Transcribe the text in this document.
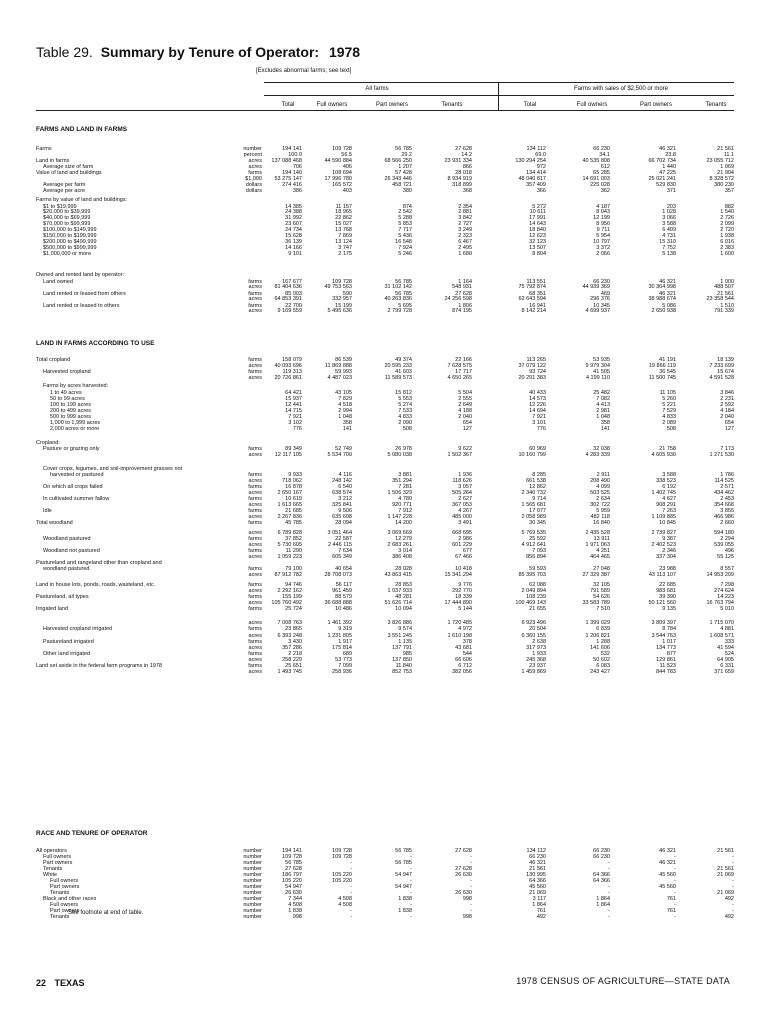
Table 29. Summary by Tenure of Operator: 1978
[Excludes abnormal farms; see text]
All farms	Farms with sales of $2,500 or more
Total	Full owners	Part owners	Tenants	Total	Full owners	Part owners	Tenants
FARMS AND LAND IN FARMS
Farms	number	194 141	109 728	56 785	27 628	134 112	66 230	46 321	21 561
percent	100.0	56.5	29.2	14.2	69.0	34.1	23.8	11.1
Land in farms	acres 137 088 468	44 590 884	68 566 250	23 931 334	130 294 254	40 535 808	66 702 734	23 055 712
Average size of farm	acres	706	406	1 207	866	972	612	1 440	1 069
Value of land and buildings	farms	194 140	108 694	57 428	28 018	134 414	65 285	47 225	21 904
$1,000 53 275 147	17 996 780	26 343 446	8 934 919	48 040 817	14 691 003	25 021 241	8 328 572
Average per farm	dollars	274 416	165 572	458 721	318 899	357 409	225 028	529 830	380 230
Average per acre	dollars	386	403	380	368	366	362	371	357
Farms by value of land and buildings:
$1 to $19,999	14 385	11 157	874	2 354	5 272	4 187	203	882
$20,000 to $39,999	24 388	18 965	2 542	2 881	10 611	8 043	1 028	1 540
$40,000 to $69,999	31 992	22 862	5 288	3 842	17 991	12 199	3 066	2 726
$70,000 to $99,999	23 607	15 027	5 853	2 727	14 643	8 956	3 588	2 099
$100,000 to $149,999	24 734	13 768	7 717	3 249	18 840	9 711	6 409	2 720
$150,000 to $199,999	15 628	7 869	5 436	2 323	12 623	5 954	4 731	1 938
$200,000 to $499,999	36 139	13 124	16 548	6 467	32 123	10 797	15 310	6 016
$500,000 to $999,999	14 166	3 747	7 924	2 495	13 507	3 372	7 752	2 383
$1,000,000 or more	9 101	2 175	5 246	1 680	8 804	2 066	5 138	1 600
Owned and rented land by operator:
Land owned	farms	167 677	109 728	56 785	1 164	113 551	66 230	46 321	1 000
acres 81 404 636	49 753 563	31 102 142	548 931	75 792 874	44 939 369	30 364 998	488 507
Land rented or leased from others	farms	85 003	590	56 785	27 628	68 351	469	46 321	21 561
acres 64 853 391	332 957	40 263 836	24 256 598	62 643 594	296 376	38 988 674	23 358 544
Land rented or leased to others	farms	22 700	15 199	5 695	1 806	16 941	10 345	5 086	1 510
acres	9 169 559	5 495 636	2 799 728	874 195	8 142 214	4 699 937	2 650 938	791 339
LAND IN FARMS ACCORDING TO USE
Total cropland	farms	158 079	86 539	49 374	22 166	113 265	53 935	41 191	18 139
acres 40 093 696	11 869 888	20 595 233	7 628 575	37 079 122	9 979 304	19 866 119	7 233 699
Harvested cropland	farms	119 313	59 993	41 603	17 717	93 724	41 505	36 545	15 674
acres 20 726 861	4 487 023	11 589 573	4 650 265	20 291 383	4 199 110	11 500 745	4 591 528
Farms by acres harvested:
1 to 49 acres	64 421	43 105	15 812	5 504	40 433	25 482	11 105	3 846
50 to 99 acres	15 937	7 829	5 553	2 555	14 573	7 082	5 260	2 231
100 to 199 acres	12 441	4 518	5 274	2 649	12 226	4 413	5 221	2 592
200 to 499 acres	14 715	2 994	7 533	4 188	14 694	2 981	7 529	4 184
500 to 999 acres	7 921	1 048	4 833	2 040	7 921	1 048	4 833	2 040
1,000 to 1,999 acres	3 102	358	2 090	654	3 101	358	2 089	654
2,000 acres or more	776	141	508	127	776	141	508	127
Cropland:
Pasture or grazing only	farms	89 349	52 749	26 978	9 622	60 969	32 038	21 758	7 173
acres 12 117 105	5 534 700	5 080 038	1 502 367	10 160 799	4 283 339	4 605 930	1 271 530
Cover crops, legumes, and soil-improvement grasses not
harvested or pastured	farms	9 933	4 116	3 881	1 936	8 285	2 911	3 588	1 786
acres	718 062	248 142	351 294	118 626	661 538	208 490	338 523	114 525
On which all crops failed	farms	16 878	6 540	7 281	3 057	12 862	4 099	6 192	2 571
acres	2 650 167	638 574	1 506 329	505 264	2 340 732	503 525	1 402 745	434 462
In cultivated summer fallow	farms	10 619	3 212	4 780	2 627	9 714	2 634	4 627	2 453
acres	1 613 665	325 841	920 771	367 053	1 565 681	302 722	908 291	354 668
Idle	farms	21 685	9 506	7 912	4 267	17 077	5 959	7 263	3 855
acres	2 267 836	635 608	1 147 228	485 000	2 058 989	482 118	1 109 885	466 986
Total woodland	farms	45 785	28 094	14 200	3 491	30 345	16 840	10 845	2 660
acres	6 789 828	3 051 464	3 069 669	668 695	5 769 535	2 435 528	2 739 827	594 180
Woodland pastured	farms	37 852	22 587	12 279	2 986	25 592	13 911	9 387	2 294
acres	5 730 605	2 446 115	2 683 261	601 229	4 912 641	1 971 063	2 402 523	539 055
Woodland not pastured	farms	11 290	7 634	3 014	677	7 093	4 251	2 346	496
acres	1 059 223	605 349	386 408	67 466	856 894	464 465	337 304	55 125
Pastureland and rangeland other than cropland and
woodland pastured	farms	79 100	40 654	28 028	10 418	59 593	27 048	23 988	8 557
acres 87 912 782	28 708 073	43 863 415	15 341 294	85 395 703	27 329 387	43 113 107	14 953 209
Land in house lots, ponds, roads, wasteland, etc.	farms	94 746	56 117	28 853	9 776	62 088	32 105	22 685	7 298
acres	2 292 162	961 459	1 037 933	292 770	2 049 894	791 589	983 681	274 624
Pastureland, all types	farms	155 199	88 579	48 281	18 339	108 239	54 626	39 390	14 223
acres 105 760 492	36 688 888	51 626 714	17 444 890	100 469 143	33 583 789	50 121 560	16 763 794
Irrigated land	farms	25 724	10 486	10 094	5 144	21 655	7 510	9 135	5 010
acres	7 008 763	1 461 392	3 826 886	1 720 485	6 923 496	1 399 029	3 809 397	1 715 070
Harvested cropland irrigated	farms	23 865	9 319	9 574	4 972	20 504	6 839	8 784	4 881
acres	6 393 248	1 231 805	3 551 245	1 610 198	6 360 155	1 206 821	3 544 763	1 608 571
Pastureland irrigated	farms	3 430	1 917	1 135	378	2 638	1 288	1 017	333
acres	357 286	175 814	137 791	43 681	317 973	141 606	134 773	41 594
Other land irrigated	farms	2 218	689	985	544	1 933	532	877	524
acres	258 229	53 773	137 850	66 606	245 368	50 602	129 861	64 905
Land set aside in the federal farm programs in 1978	farms	25 651	7 099	11 840	6 712	23 937	6 083	11 523	6 331
acres	1 493 745	258 936	852 753	382 056	1 459 869	243 427	844 783	371 659
RACE AND TENURE OF OPERATOR
All operators	number	194 141	109 728	56 785	27 628	134 112	66 230	46 321	21 561
Full owners	number	109 728	109 728	-	-	66 230	66 230	-	-
Part owners	number	56 785	-	56 785	-	46 321	-	46 321	-
Tenants	number	27 628	-	-	27 628	21 561	-	-	21 561
White	number	186 797	105 220	54 947	26 630	130 995	64 366	45 560	21 069
Full owners	number	105 220	105 220	-	-	64 366	64 366	-	-
Part owners	number	54 947	-	54 947	-	45 560	-	45 560	-
Tenants	number	26 630	-	-	26 630	21 069	-	-	21 069
Black and other races	number	7 344	4 508	1 838	998	3 117	1 864	761	492
Full owners	number	4 508	4 508	-	-	1 864	1 864	-	-
Part owners	number	1 838	-	1 838	-	761	-	761	-
Tenants	number	998	-	-	998	492	-	-	492
See footnote at end of table.
22 TEXAS	1978 CENSUS OF AGRICULTURE—STATE DATA
